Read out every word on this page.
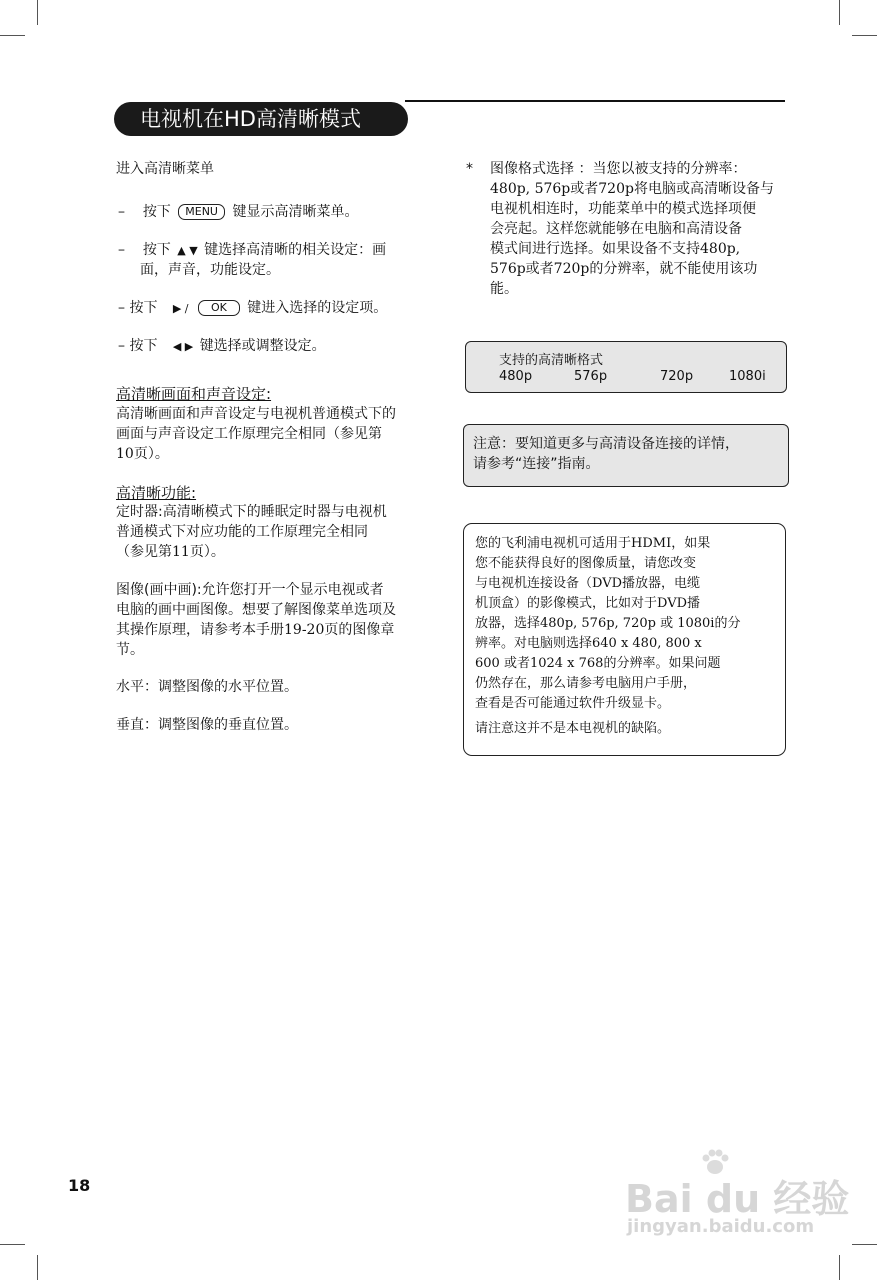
电视机在HD高清晰模式
进入高清晰菜单
– 按下 MENU 键显示高清晰菜单。
– 按下 ▲ ▼ 键选择高清晰的相关设定：画
面，声音，功能设定。
– 按下 ▶ / OK 键进入选择的设定项。
– 按下 ◀ ▶ 键选择或调整设定。
高清晰画面和声音设定:
高清晰画面和声音设定与电视机普通模式下的
画面与声音设定工作原理完全相同（参见第
10页）。
高清晰功能:
定时器:高清晰模式下的睡眠定时器与电视机
普通模式下对应功能的工作原理完全相同
（参见第11页）。
图像(画中画):允许您打开一个显示电视或者
电脑的画中画图像。想要了解图像菜单选项及
其操作原理，请参考本手册19-20页的图像章
节。
水平：调整图像的水平位置。
垂直：调整图像的垂直位置。
* 图像格式选择 ：当您以被支持的分辨率：
480p, 576p或者720p将电脑或高清晰设备与
电视机相连时，功能菜单中的模式选择项便
会亮起。这样您就能够在电脑和高清设备
模式间进行选择。如果设备不支持480p,
576p或者720p的分辨率，就不能使用该功
能。
支持的高清晰格式
480p	576p	720p	1080i
注意：要知道更多与高清设备连接的详情，
请参考“连接”指南。
您的飞利浦电视机可适用于HDMI，如果
您不能获得良好的图像质量，请您改变
与电视机连接设备（DVD播放器，电缆
机顶盒）的影像模式，比如对于DVD播
放器，选择480p, 576p, 720p 或 1080i的分
辨率。对电脑则选择640 x 480, 800 x
600 或者1024 x 768的分辨率。如果问题
仍然存在，那么请参考电脑用户手册，
查看是否可能通过软件升级显卡。
请注意这并不是本电视机的缺陷。
18	Bai du 经验
jingyan.baidu.com
